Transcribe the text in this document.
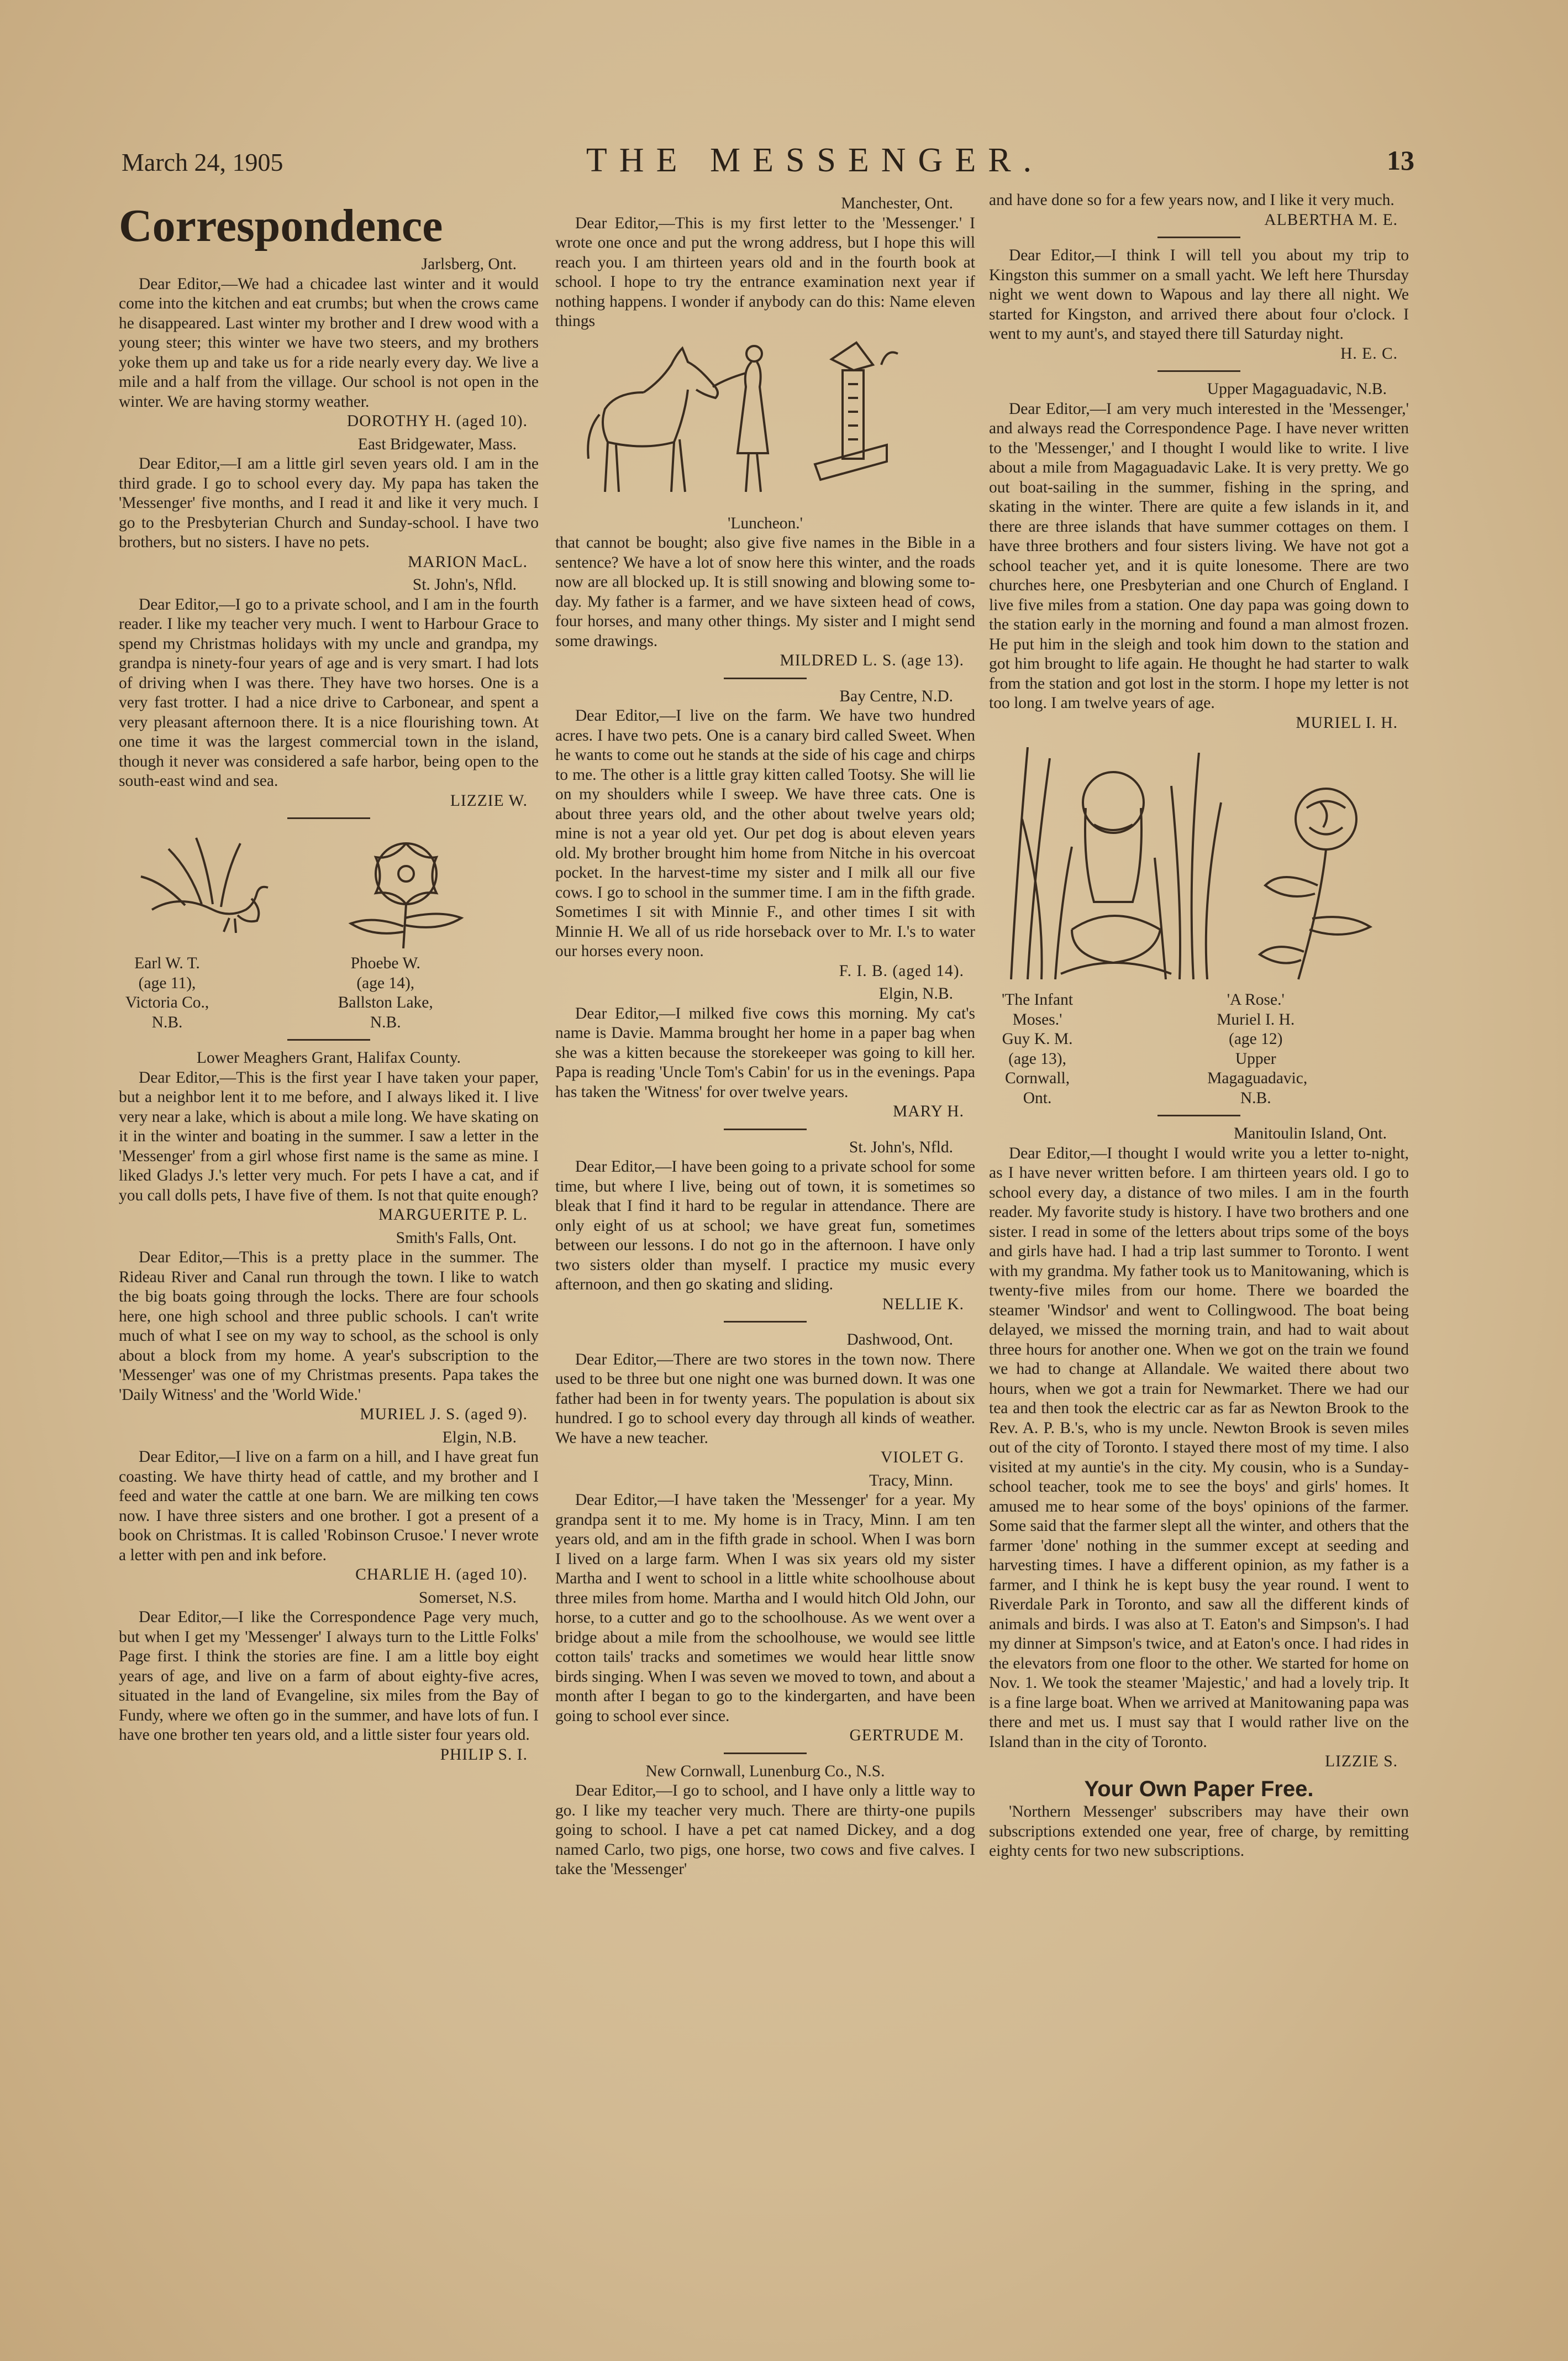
March 24, 1905	THE MESSENGER.	13
Correspondence
Jarlsberg, Ont.

Dear Editor,—We had a chicadee last winter and it would come into the kitchen and eat crumbs; but when the crows came he disappeared. Last winter my brother and I drew wood with a young steer; this winter we have two steers, and my brothers yoke them up and take us for a ride nearly every day. We live a mile and a half from the village. Our school is not open in the winter. We are having stormy weather.

DOROTHY H. (aged 10).
East Bridgewater, Mass.

Dear Editor,—I am a little girl seven years old. I am in the third grade. I go to school every day. My papa has taken the 'Messenger' five months, and I read it and like it very much. I go to the Presbyterian Church and Sunday-school. I have two brothers, but no sisters. I have no pets.

MARION MacL.
St. John's, Nfld.

Dear Editor,—I go to a private school, and I am in the fourth reader. I like my teacher very much. I went to Harbour Grace to spend my Christmas holidays with my uncle and grandpa, my grandpa is ninety-four years of age and is very smart. I had lots of driving when I was there. They have two horses. One is a very fast trotter. I had a nice drive to Carbonear, and spent a very pleasant afternoon there. It is a nice flourishing town. At one time it was the largest commercial town in the island, though it never was considered a safe harbor, being open to the south-east wind and sea.

LIZZIE W.
Earl W. T. (age 11),
Victoria Co.,
N.B.
Phoebe W. (age 14),
Ballston Lake,
N.B.
Lower Meaghers Grant, Halifax County.

Dear Editor,—This is the first year I have taken your paper, but a neighbor lent it to me before, and I always liked it. I live very near a lake, which is about a mile long. We have skating on it in the winter and boating in the summer. I saw a letter in the 'Messenger' from a girl whose first name is the same as mine. I liked Gladys J.'s letter very much. For pets I have a cat, and if you call dolls pets, I have five of them. Is not that quite enough?

MARGUERITE P. L.
Smith's Falls, Ont.

Dear Editor,—This is a pretty place in the summer. The Rideau River and Canal run through the town. I like to watch the big boats going through the locks. There are four schools here, one high school and three public schools. I can't write much of what I see on my way to school, as the school is only about a block from my home. A year's subscription to the 'Messenger' was one of my Christmas presents. Papa takes the 'Daily Witness' and the 'World Wide.'

MURIEL J. S. (aged 9).
Elgin, N.B.

Dear Editor,—I live on a farm on a hill, and I have great fun coasting. We have thirty head of cattle, and my brother and I feed and water the cattle at one barn. We are milking ten cows now. I have three sisters and one brother. I got a present of a book on Christmas. It is called 'Robinson Crusoe.' I never wrote a letter with pen and ink before.

CHARLIE H. (aged 10).
Somerset, N.S.

Dear Editor,—I like the Correspondence Page very much, but when I get my 'Messenger' I always turn to the Little Folks' Page first. I think the stories are fine. I am a little boy eight years of age, and live on a farm of about eighty-five acres, situated in the land of Evangeline, six miles from the Bay of Fundy, where we often go in the summer, and have lots of fun. I have one brother ten years old, and a little sister four years old.

PHILIP S. I.
Manchester, Ont.

Dear Editor,—This is my first letter to the 'Messenger.' I wrote one once and put the wrong address, but I hope this will reach you. I am thirteen years old and in the fourth book at school. I hope to try the entrance examination next year if nothing happens. I wonder if anybody can do this: Name eleven things

'Luncheon.'

that cannot be bought; also give five names in the Bible in a sentence? We have a lot of snow here this winter, and the roads now are all blocked up. It is still snowing and blowing some to-day. My father is a farmer, and we have sixteen head of cows, four horses, and many other things. My sister and I might send some drawings.

MILDRED L. S. (age 13).
Bay Centre, N.D.

Dear Editor,—I live on the farm. We have two hundred acres. I have two pets. One is a canary bird called Sweet. When he wants to come out he stands at the side of his cage and chirps to me. The other is a little gray kitten called Tootsy. She will lie on my shoulders while I sweep. We have three cats. One is about three years old, and the other about twelve years old; mine is not a year old yet. Our pet dog is about eleven years old. My brother brought him home from Nitche in his overcoat pocket. In the harvest-time my sister and I milk all our five cows. I go to school in the summer time. I am in the fifth grade. Sometimes I sit with Minnie F., and other times I sit with Minnie H. We all of us ride horseback over to Mr. I.'s to water our horses every noon.

F. I. B. (aged 14).
Elgin, N.B.

Dear Editor,—I milked five cows this morning. My cat's name is Davie. Mamma brought her home in a paper bag when she was a kitten because the storekeeper was going to kill her. Papa is reading 'Uncle Tom's Cabin' for us in the evenings. Papa has taken the 'Witness' for over twelve years.

MARY H.
St. John's, Nfld.

Dear Editor,—I have been going to a private school for some time, but where I live, being out of town, it is sometimes so bleak that I find it hard to be regular in attendance. There are only eight of us at school; we have great fun, sometimes between our lessons. I do not go in the afternoon. I have only two sisters older than myself. I practice my music every afternoon, and then go skating and sliding.

NELLIE K.
Dashwood, Ont.

Dear Editor,—There are two stores in the town now. There used to be three but one night one was burned down. It was one father had been in for twenty years. The population is about six hundred. I go to school every day through all kinds of weather. We have a new teacher.

VIOLET G.
Tracy, Minn.

Dear Editor,—I have taken the 'Messenger' for a year. My grandpa sent it to me. My home is in Tracy, Minn. I am ten years old, and am in the fifth grade in school. When I was born I lived on a large farm. When I was six years old my sister Martha and I went to school in a little white schoolhouse about three miles from home. Martha and I would hitch Old John, our horse, to a cutter and go to the schoolhouse. As we went over a bridge about a mile from the schoolhouse, we would see little cotton tails' tracks and sometimes we would hear little snow birds singing. When I was seven we moved to town, and about a month after I began to go to the kindergarten, and have been going to school ever since.

GERTRUDE M.
New Cornwall, Lunenburg Co., N.S.

Dear Editor,—I go to school, and I have only a little way to go. I like my teacher very much. There are thirty-one pupils going to school. I have a pet cat named Dickey, and a dog named Carlo, two pigs, one horse, two cows and five calves. I take the 'Messenger'

and have done so for a few years now, and I like it very much.

ALBERTHA M. E.

Dear Editor,—I think I will tell you about my trip to Kingston this summer on a small yacht. We left here Thursday night we went down to Wapous and lay there all night. We started for Kingston, and arrived there about four o'clock. I went to my aunt's, and stayed there till Saturday night.

H. E. C.
Upper Magaguadavic, N.B.

Dear Editor,—I am very much interested in the 'Messenger,' and always read the Correspondence Page. I have never written to the 'Messenger,' and I thought I would like to write. I live about a mile from Magaguadavic Lake. It is very pretty. We go out boat-sailing in the summer, fishing in the spring, and skating in the winter. There are quite a few islands in it, and there are three islands that have summer cottages on them. I have three brothers and four sisters living. We have not got a school teacher yet, and it is quite lonesome. There are two churches here, one Presbyterian and one Church of England. I live five miles from a station. One day papa was going down to the station early in the morning and found a man almost frozen. He put him in the sleigh and took him down to the station and got him brought to life again. He thought he had starter to walk from the station and got lost in the storm. I hope my letter is not too long. I am twelve years of age.

MURIEL I. H.
'The Infant Moses.'
Guy K. M. (age 13),
Cornwall,
Ont.
'A Rose.'
Muriel I. H. (age 12)
Upper Magaguadavic,
N.B.
Manitoulin Island, Ont.

Dear Editor,—I thought I would write you a letter to-night, as I have never written before. I am thirteen years old. I go to school every day, a distance of two miles. I am in the fourth reader. My favorite study is history. I have two brothers and one sister. I read in some of the letters about trips some of the boys and girls have had. I had a trip last summer to Toronto. I went with my grandma. My father took us to Manitowaning, which is twenty-five miles from our home. There we boarded the steamer 'Windsor' and went to Collingwood. The boat being delayed, we missed the morning train, and had to wait about three hours for another one. When we got on the train we found we had to change at Allandale. We waited there about two hours, when we got a train for Newmarket. There we had our tea and then took the electric car as far as Newton Brook to the Rev. A. P. B.'s, who is my uncle. Newton Brook is seven miles out of the city of Toronto. I stayed there most of my time. I also visited at my auntie's in the city. My cousin, who is a Sunday-school teacher, took me to see the boys' and girls' homes. It amused me to hear some of the boys' opinions of the farmer. Some said that the farmer slept all the winter, and others that the farmer 'done' nothing in the summer except at seeding and harvesting times. I have a different opinion, as my father is a farmer, and I think he is kept busy the year round. I went to Riverdale Park in Toronto, and saw all the different kinds of animals and birds. I was also at T. Eaton's and Simpson's. I had my dinner at Simpson's twice, and at Eaton's once. I had rides in the elevators from one floor to the other. We started for home on Nov. 1. We took the steamer 'Majestic,' and had a lovely trip. It is a fine large boat. When we arrived at Manitowaning papa was there and met us. I must say that I would rather live on the Island than in the city of Toronto.

LIZZIE S.
Your Own Paper Free.

'Northern Messenger' subscribers may have their own subscriptions extended one year, free of charge, by remitting eighty cents for two new subscriptions.
